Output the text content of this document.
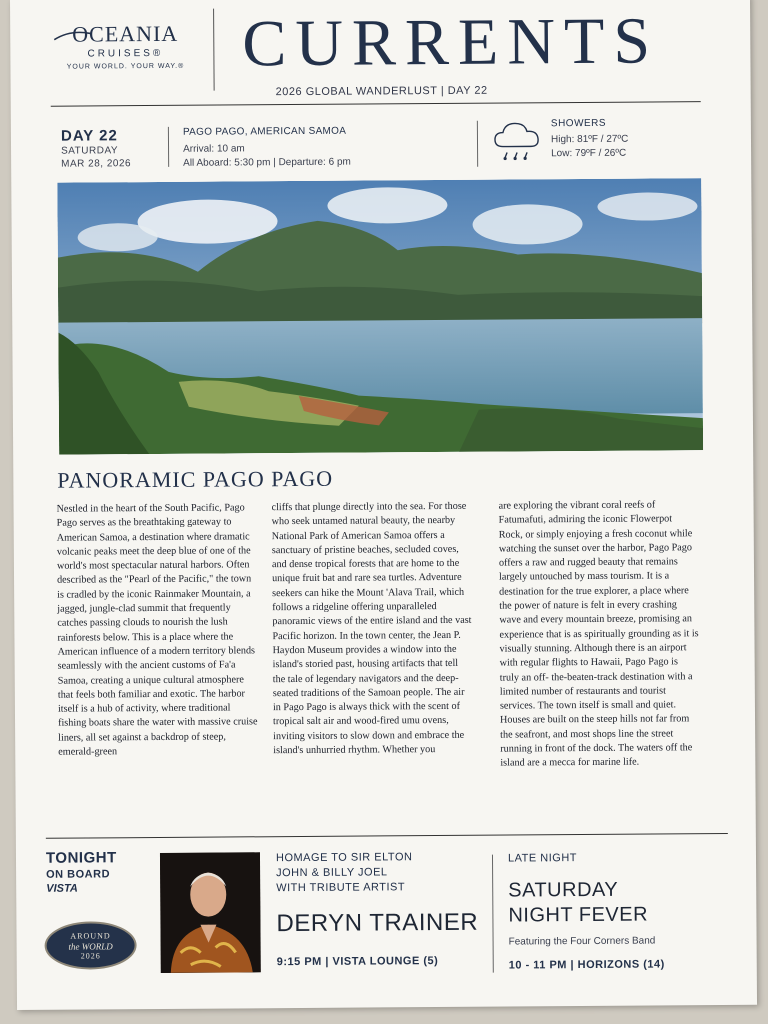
OCEANIA
CRUISES®
YOUR WORLD. YOUR WAY.® CURRENTS
2026 GLOBAL WANDERLUST | DAY 22
DAY 22
SATURDAY
MAR 28, 2026
PAGO PAGO, AMERICAN SAMOA
Arrival: 10 am
All Aboard: 5:30 pm | Departure: 6 pm
SHOWERS
High: 81ºF / 27ºC
Low: 79ºF / 26ºC
PANORAMIC PAGO PAGO
Nestled in the heart of the South Pacific, Pago Pago serves as the breathtaking gateway to American Samoa, a destination where dramatic volcanic peaks meet the deep blue of one of the world's most spectacular natural harbors. Often described as the "Pearl of the Pacific," the town is cradled by the iconic Rainmaker Mountain, a jagged, jungle-clad summit that frequently catches passing clouds to nourish the lush rainforests below. This is a place where the American influence of a modern territory blends seamlessly with the ancient customs of Fa'a Samoa, creating a unique cultural atmosphere that feels both familiar and exotic. The harbor itself is a hub of activity, where traditional fishing boats share the water with massive cruise liners, all set against a backdrop of steep, emerald-green
cliffs that plunge directly into the sea. For those who seek untamed natural beauty, the nearby National Park of American Samoa offers a sanctuary of pristine beaches, secluded coves, and dense tropical forests that are home to the unique fruit bat and rare sea turtles. Adventure seekers can hike the Mount 'Alava Trail, which follows a ridgeline offering unparalleled panoramic views of the entire island and the vast Pacific horizon. In the town center, the Jean P. Haydon Museum provides a window into the island's storied past, housing artifacts that tell the tale of legendary navigators and the deep-seated traditions of the Samoan people. The air in Pago Pago is always thick with the scent of tropical salt air and wood-fired umu ovens, inviting visitors to slow down and embrace the island's unhurried rhythm. Whether you
are exploring the vibrant coral reefs of Fatumafuti, admiring the iconic Flowerpot Rock, or simply enjoying a fresh coconut while watching the sunset over the harbor, Pago Pago offers a raw and rugged beauty that remains largely untouched by mass tourism. It is a destination for the true explorer, a place where the power of nature is felt in every crashing wave and every mountain breeze, promising an experience that is as spiritually grounding as it is visually stunning. Although there is an airport with regular flights to Hawaii, Pago Pago is truly an off- the-beaten-track destination with a limited number of restaurants and tourist services. The town itself is small and quiet. Houses are built on the steep hills not far from the seafront, and most shops line the street running in front of the dock. The waters off the island are a mecca for marine life.
TONIGHT
ON BOARD
VISTA
AROUND
the WORLD
2026
HOMAGE TO SIR ELTON
JOHN & BILLY JOEL
WITH TRIBUTE ARTIST
DERYN TRAINER
9:15 PM | VISTA LOUNGE (5)
LATE NIGHT
SATURDAY
NIGHT FEVER
Featuring the Four Corners Band
10 - 11 PM | HORIZONS (14)
